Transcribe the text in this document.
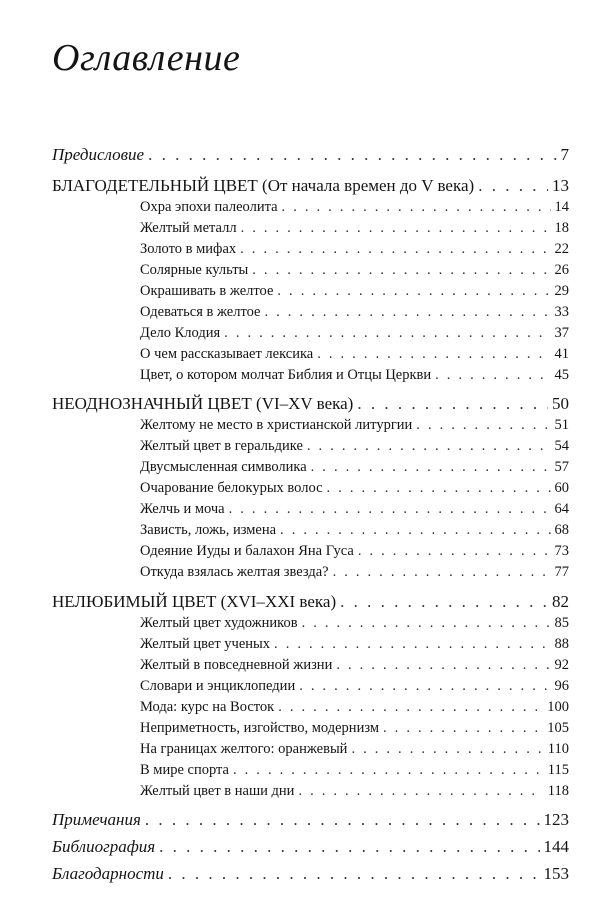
Оглавление
Предисловие . . .	7
БЛАГОДЕТЕЛЬНЫЙ ЦВЕТ (От начала времен до V века) . . .	13
Охра эпохи палеолита . . .	14
Желтый металл . . .	18
Золото в мифах . . .	22
Солярные культы . . .	26
Окрашивать в желтое . . .	29
Одеваться в желтое . . .	33
Дело Клодия . . .	37
О чем рассказывает лексика . . .	41
Цвет, о котором молчат Библия и Отцы Церкви . . .	45
НЕОДНОЗНАЧНЫЙ ЦВЕТ (VI–XV века) . . .	50
Желтому не место в христианской литургии . . .	51
Желтый цвет в геральдике . . .	54
Двусмысленная символика . . .	57
Очарование белокурых волос . . .	60
Желчь и моча . . .	64
Зависть, ложь, измена . . .	68
Одеяние Иуды и балахон Яна Гуса . . .	73
Откуда взялась желтая звезда? . . .	77
НЕЛЮБИМЫЙ ЦВЕТ (XVI–XXI века) . . .	82
Желтый цвет художников . . .	85
Желтый цвет ученых . . .	88
Желтый в повседневной жизни . . .	92
Словари и энциклопедии . . .	96
Мода: курс на Восток . . .	100
Неприметность, изгойство, модернизм . . .	105
На границах желтого: оранжевый . . .	110
В мире спорта . . .	115
Желтый цвет в наши дни . . .	118
Примечания . . .	123
Библиография . . .	144
Благодарности . . .	153
